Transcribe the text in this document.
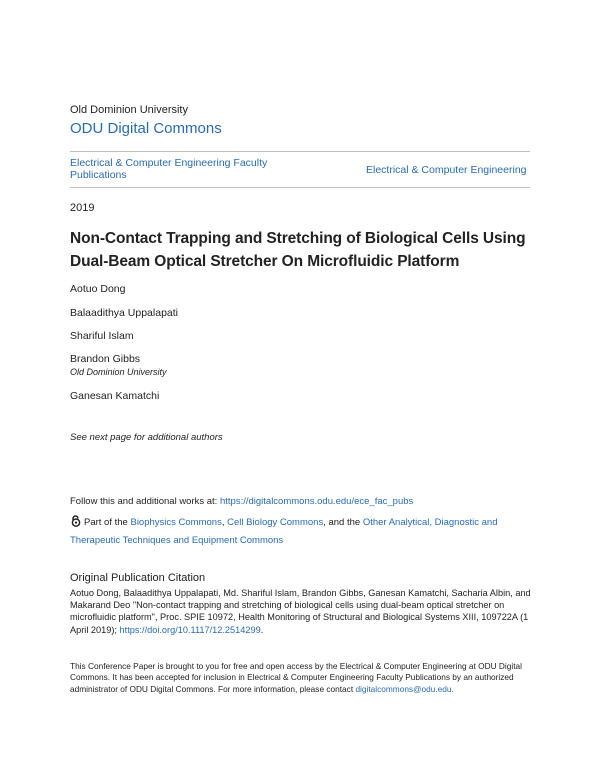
Old Dominion University
ODU Digital Commons
Electrical & Computer Engineering Faculty Publications	Electrical & Computer Engineering
2019
Non-Contact Trapping and Stretching of Biological Cells Using
Dual-Beam Optical Stretcher On Microfluidic Platform
Aotuo Dong
Balaadithya Uppalapati
Shariful Islam
Brandon Gibbs
Old Dominion University
Ganesan Kamatchi
See next page for additional authors
Follow this and additional works at: https://digitalcommons.odu.edu/ece_fac_pubs
Part of the Biophysics Commons, Cell Biology Commons, and the Other Analytical, Diagnostic and Therapeutic Techniques and Equipment Commons
Original Publication Citation
Aotuo Dong, Balaadithya Uppalapati, Md. Shariful Islam, Brandon Gibbs, Ganesan Kamatchi, Sacharia Albin, and Makarand Deo "Non-contact trapping and stretching of biological cells using dual-beam optical stretcher on microfluidic platform", Proc. SPIE 10972, Health Monitoring of Structural and Biological Systems XIII, 109722A (1 April 2019); https://doi.org/10.1117/12.2514299.
This Conference Paper is brought to you for free and open access by the Electrical & Computer Engineering at ODU Digital Commons. It has been accepted for inclusion in Electrical & Computer Engineering Faculty Publications by an authorized administrator of ODU Digital Commons. For more information, please contact digitalcommons@odu.edu.
